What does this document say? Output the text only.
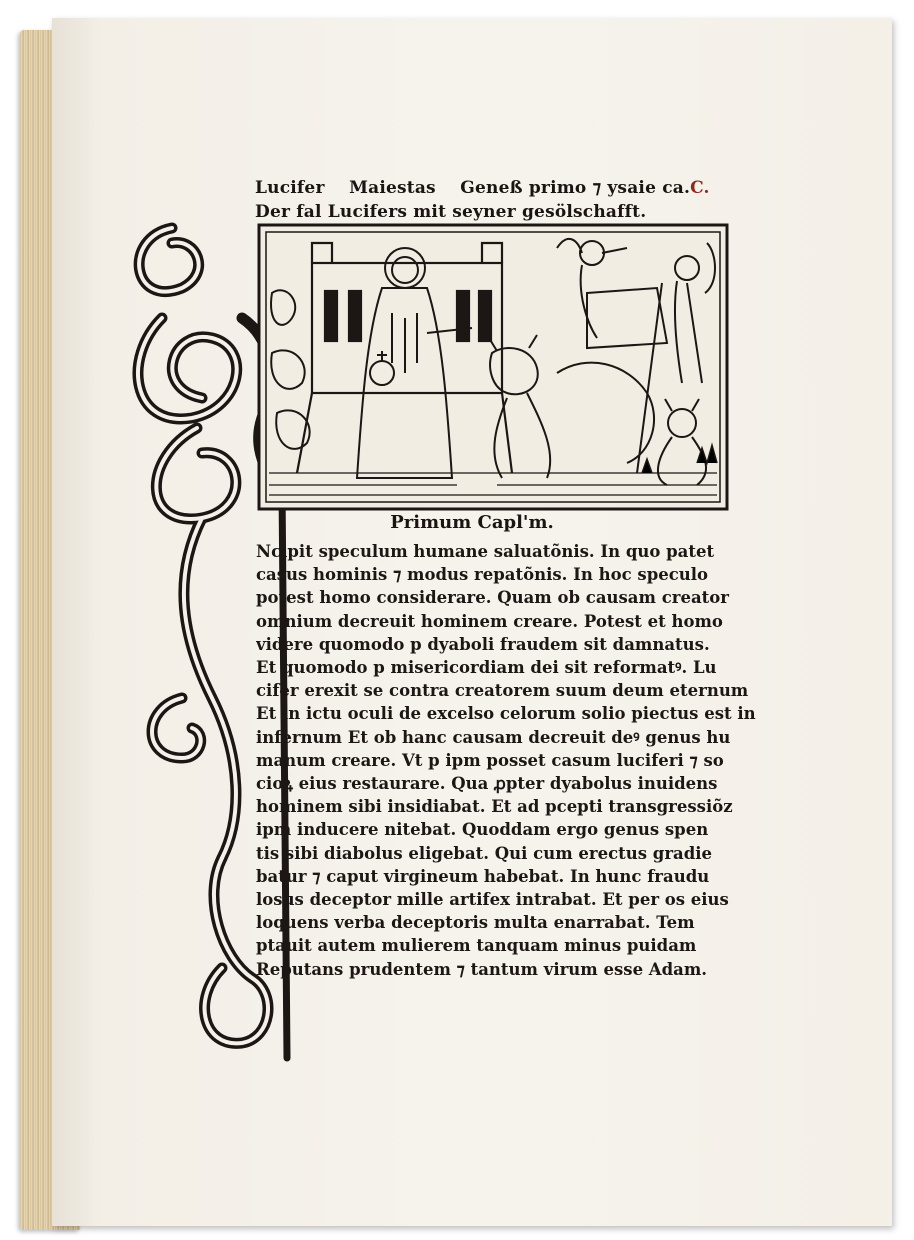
Lucifer Maiestas Geneß primo ⁊ ysaie ca.C.
Der fal Lucifers mit seyner gesölschafft.
Primum Capl'm.
Ncipit speculum humane saluatõnis. In quo patet
casus hominis ⁊ modus repatõnis. In hoc speculo
potest homo considerare. Quam ob causam creator
omnium decreuit hominem creare. Potest et homo
videre quomodo p dyaboli fraudem sit damnatus.
Et quomodo p misericordiam dei sit reformatꝰ. Lu
cifer erexit se contra creatorem suum deum eternum
Et in ictu oculi de excelso celorum solio piectus est in
infernum Et ob hanc causam decreuit deꝰ genus hu
manum creare. Vt p ipm posset casum luciferi ⁊ so
cioꝝ eius restaurare. Qua ꝓpter dyabolus inuidens
hominem sibi insidiabat. Et ad pcepti transgressiõz
ipm inducere nitebat. Quoddam ergo genus spen
tis sibi diabolus eligebat. Qui cum erectus gradie
batur ⁊ caput virgineum habebat. In hunc fraudu
losus deceptor mille artifex intrabat. Et per os eius
loquens verba deceptoris multa enarrabat. Tem
ptauit autem mulierem tanquam minus puidam
Reputans prudentem ⁊ tantum virum esse Adam.
